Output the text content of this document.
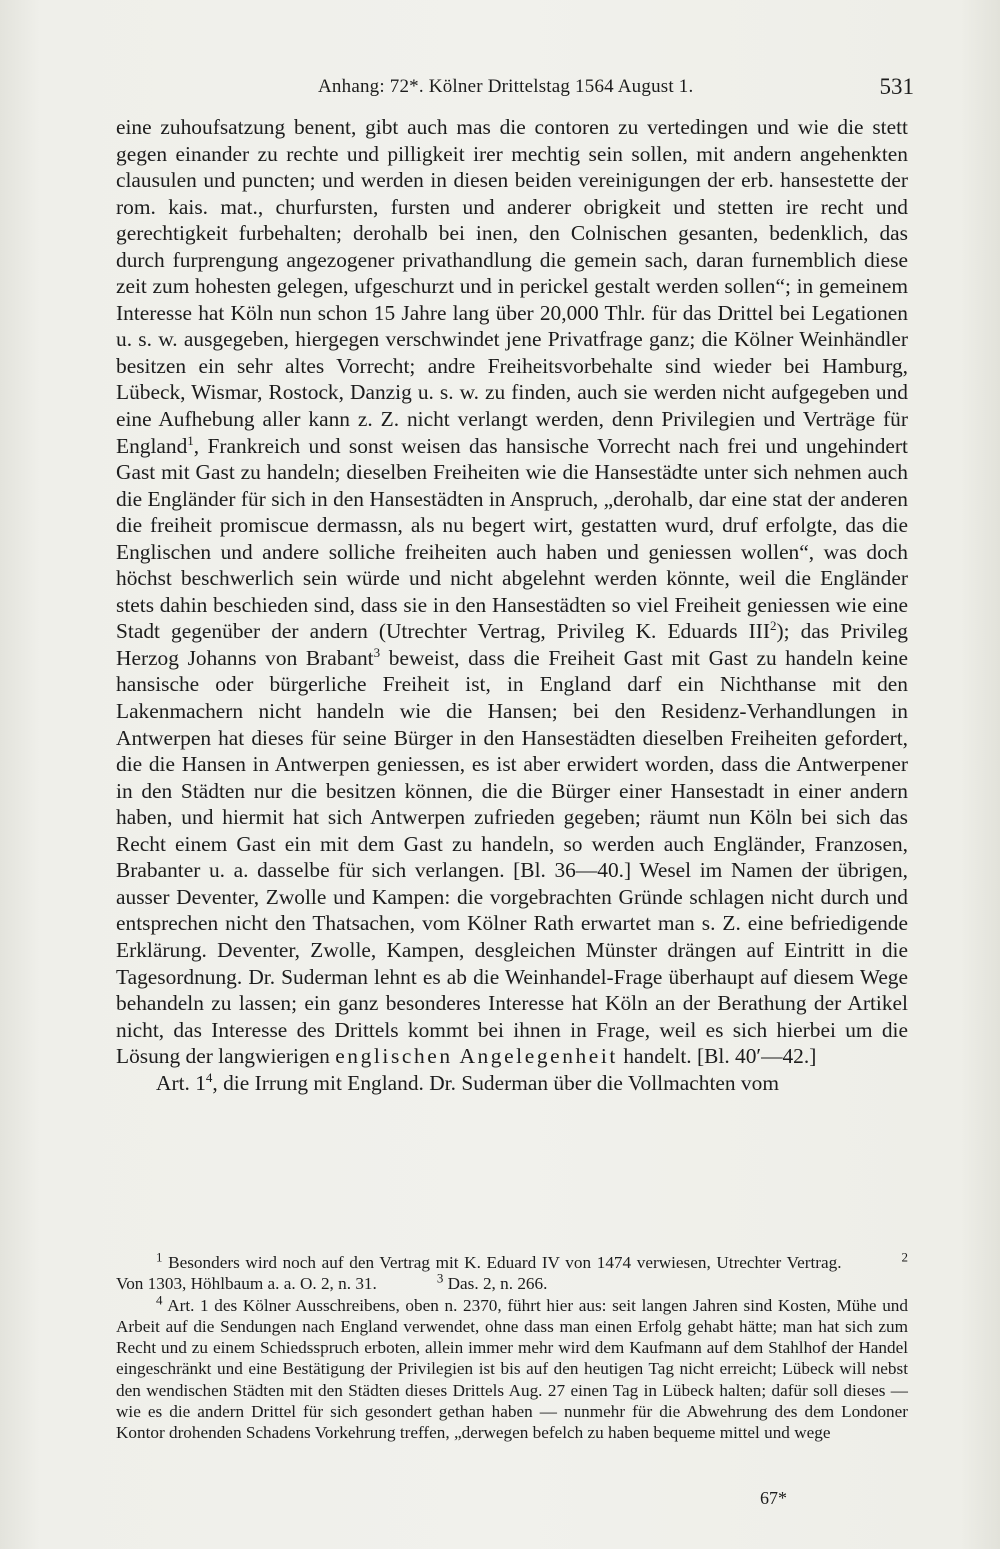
Anhang: 72*. Kölner Drittelstag 1564 August 1.	531

eine zuhoufsatzung benent, gibt auch mas die contoren zu vertedingen und wie die stett gegen einander zu rechte und pilligkeit irer mechtig sein sollen, mit andern angehenkten clausulen und puncten; und werden in diesen beiden vereinigungen der erb. hansestette der rom. kais. mat., churfursten, fursten und anderer obrigkeit und stetten ire recht und gerechtigkeit furbehalten; derohalb bei inen, den Colnischen gesanten, bedenklich, das durch furprengung angezogener privathandlung die gemein sach, daran furnemblich diese zeit zum hohesten gelegen, ufgeschurzt und in perickel gestalt werden sollen“; in gemeinem Interesse hat Köln nun schon 15 Jahre lang über 20,000 Thlr. für das Drittel bei Legationen u. s. w. ausgegeben, hiergegen verschwindet jene Privatfrage ganz; die Kölner Weinhändler besitzen ein sehr altes Vorrecht; andre Freiheitsvorbehalte sind wieder bei Hamburg, Lübeck, Wismar, Rostock, Danzig u. s. w. zu finden, auch sie werden nicht aufgegeben und eine Aufhebung aller kann z. Z. nicht verlangt werden, denn Privilegien und Verträge für England$^1$, Frankreich und sonst weisen das hansische Vorrecht nach frei und ungehindert Gast mit Gast zu handeln; dieselben Freiheiten wie die Hansestädte unter sich nehmen auch die Engländer für sich in den Hansestädten in Anspruch, „derohalb, dar eine stat der anderen die freiheit promiscue dermassn, als nu begert wirt, gestatten wurd, druf erfolgte, das die Englischen und andere solliche freiheiten auch haben und geniessen wollen“, was doch höchst beschwerlich sein würde und nicht abgelehnt werden könnte, weil die Engländer stets dahin beschieden sind, dass sie in den Hansestädten so viel Freiheit geniessen wie eine Stadt gegenüber der andern (Utrechter Vertrag, Privileg K. Eduards III$^2$); das Privileg Herzog Johanns von Brabant$^3$ beweist, dass die Freiheit Gast mit Gast zu handeln keine hansische oder bürgerliche Freiheit ist, in England darf ein Nichthanse mit den Lakenmachern nicht handeln wie die Hansen; bei den Residenz-Verhandlungen in Antwerpen hat dieses für seine Bürger in den Hansestädten dieselben Freiheiten gefordert, die die Hansen in Antwerpen geniessen, es ist aber erwidert worden, dass die Antwerpener in den Städten nur die besitzen können, die die Bürger einer Hansestadt in einer andern haben, und hiermit hat sich Antwerpen zufrieden gegeben; räumt nun Köln bei sich das Recht einem Gast ein mit dem Gast zu handeln, so werden auch Engländer, Franzosen, Brabanter u. a. dasselbe für sich verlangen. [Bl. 36—40.] Wesel im Namen der übrigen, ausser Deventer, Zwolle und Kampen: die vorgebrachten Gründe schlagen nicht durch und entsprechen nicht den Thatsachen, vom Kölner Rath erwartet man s. Z. eine befriedigende Erklärung. Deventer, Zwolle, Kampen, desgleichen Münster drängen auf Eintritt in die Tagesordnung. Dr. Suderman lehnt es ab die Weinhandel-Frage überhaupt auf diesem Wege behandeln zu lassen; ein ganz besonderes Interesse hat Köln an der Berathung der Artikel nicht, das Interesse des Drittels kommt bei ihnen in Frage, weil es sich hierbei um die Lösung der langwierigen englischen Angelegenheit handelt. [Bl. 40′—42.]

Art. $1^4$, die Irrung mit England. Dr. Suderman über die Vollmachten vom

$^1$ Besonders wird noch auf den Vertrag mit K. Eduard IV von 1474 verwiesen, Utrechter Vertrag.	$^2$ Von 1303, Höhlbaum a. a. O. 2, n. 31.	$^3$ Das. 2, n. 266.

$^4$ Art. 1 des Kölner Ausschreibens, oben n. 2370, führt hier aus: seit langen Jahren sind Kosten, Mühe und Arbeit auf die Sendungen nach England verwendet, ohne dass man einen Erfolg gehabt hätte; man hat sich zum Recht und zu einem Schiedsspruch erboten, allein immer mehr wird dem Kaufmann auf dem Stahlhof der Handel eingeschränkt und eine Bestätigung der Privilegien ist bis auf den heutigen Tag nicht erreicht; Lübeck will nebst den wendischen Städten mit den Städten dieses Drittels Aug. 27 einen Tag in Lübeck halten; dafür soll dieses — wie es die andern Drittel für sich gesondert gethan haben — nunmehr für die Abwehrung des dem Londoner Kontor drohenden Schadens Vorkehrung treffen, „derwegen befelch zu haben bequeme mittel und wege

67*
